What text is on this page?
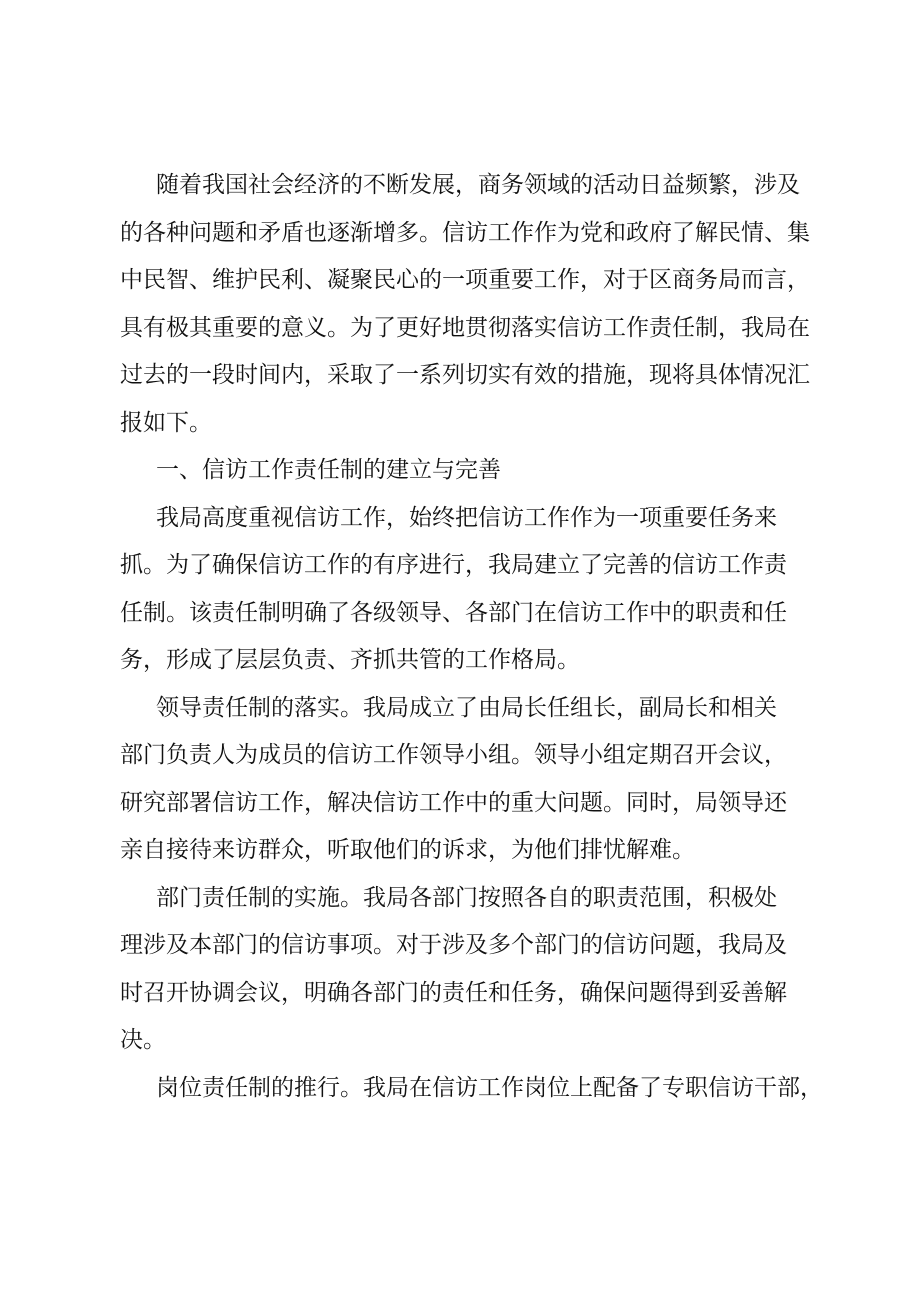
随着我国社会经济的不断发展，商务领域的活动日益频繁，涉及
的各种问题和矛盾也逐渐增多。信访工作作为党和政府了解民情、集
中民智、维护民利、凝聚民心的一项重要工作，对于区商务局而言，
具有极其重要的意义。为了更好地贯彻落实信访工作责任制，我局在
过去的一段时间内，采取了一系列切实有效的措施，现将具体情况汇
报如下。
一、信访工作责任制的建立与完善
我局高度重视信访工作，始终把信访工作作为一项重要任务来
抓。为了确保信访工作的有序进行，我局建立了完善的信访工作责
任制。该责任制明确了各级领导、各部门在信访工作中的职责和任
务，形成了层层负责、齐抓共管的工作格局。
领导责任制的落实。我局成立了由局长任组长，副局长和相关
部门负责人为成员的信访工作领导小组。领导小组定期召开会议，
研究部署信访工作，解决信访工作中的重大问题。同时，局领导还
亲自接待来访群众，听取他们的诉求，为他们排忧解难。
部门责任制的实施。我局各部门按照各自的职责范围，积极处
理涉及本部门的信访事项。对于涉及多个部门的信访问题，我局及
时召开协调会议，明确各部门的责任和任务，确保问题得到妥善解
决。
岗位责任制的推行。我局在信访工作岗位上配备了专职信访干部，
